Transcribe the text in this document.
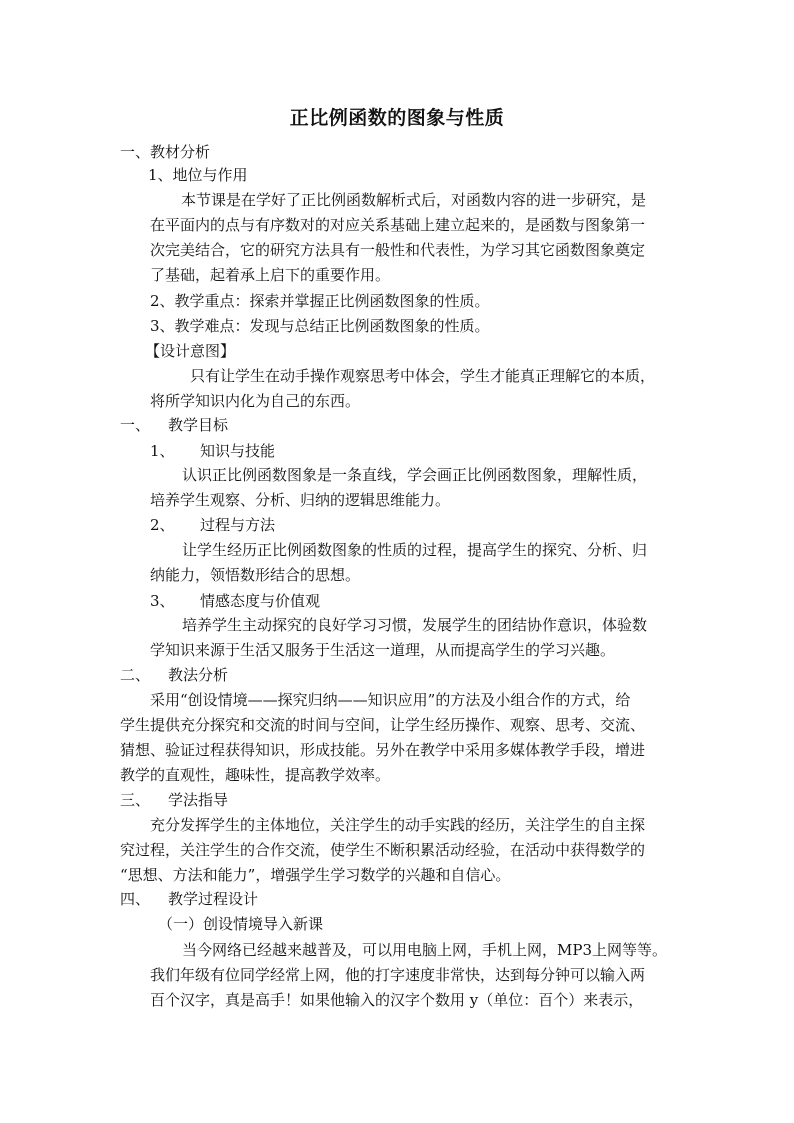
正比例函数的图象与性质
一、教材分析
1、地位与作用
本节课是在学好了正比例函数解析式后，对函数内容的进一步研究，是
在平面内的点与有序数对的对应关系基础上建立起来的，是函数与图象第一
次完美结合，它的研究方法具有一般性和代表性，为学习其它函数图象奠定
了基础，起着承上启下的重要作用。
2、教学重点：探索并掌握正比例函数图象的性质。
3、教学难点：发现与总结正比例函数图象的性质。
【设计意图】
只有让学生在动手操作观察思考中体会，学生才能真正理解它的本质，
将所学知识内化为自己的东西。
一、 教学目标
1、 知识与技能
认识正比例函数图象是一条直线，学会画正比例函数图象，理解性质，
培养学生观察、分析、归纳的逻辑思维能力。
2、 过程与方法
让学生经历正比例函数图象的性质的过程，提高学生的探究、分析、归
纳能力，领悟数形结合的思想。
3、 情感态度与价值观
培养学生主动探究的良好学习习惯，发展学生的团结协作意识，体验数
学知识来源于生活又服务于生活这一道理，从而提高学生的学习兴趣。
二、 教法分析
采用“创设情境——探究归纳——知识应用”的方法及小组合作的方式，给
学生提供充分探究和交流的时间与空间，让学生经历操作、观察、思考、交流、
猜想、验证过程获得知识，形成技能。另外在教学中采用多媒体教学手段，增进
教学的直观性，趣味性，提高教学效率。
三、 学法指导
充分发挥学生的主体地位，关注学生的动手实践的经历，关注学生的自主探
究过程，关注学生的合作交流，使学生不断积累活动经验，在活动中获得数学的
“思想、方法和能力”，增强学生学习数学的兴趣和自信心。
四、 教学过程设计
（一）创设情境导入新课
当今网络已经越来越普及，可以用电脑上网，手机上网，MP3上网等等。
我们年级有位同学经常上网，他的打字速度非常快，达到每分钟可以输入两
百个汉字，真是高手！如果他输入的汉字个数用 y（单位：百个）来表示，
